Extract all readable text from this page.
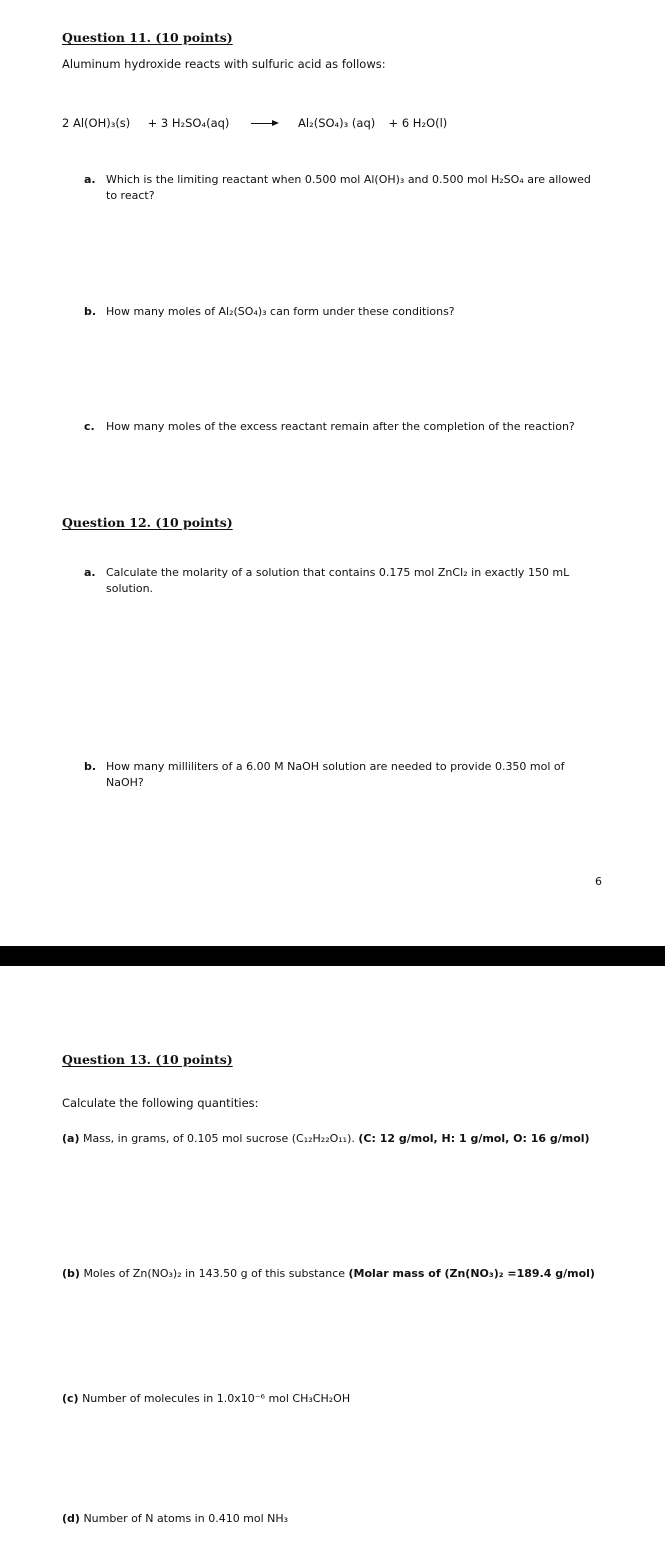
Question 11. (10 points)
Aluminum hydroxide reacts with sulfuric acid as follows:
2 Al(OH)₃(s) + 3 H₂SO₄(aq)	Al₂(SO₄)₃ (aq) + 6 H₂O(l)
a. Which is the limiting reactant when 0.500 mol Al(OH)₃ and 0.500 mol H₂SO₄ are allowed
to react?
b. How many moles of Al₂(SO₄)₃ can form under these conditions?
c. How many moles of the excess reactant remain after the completion of the reaction?
Question 12. (10 points)
a. Calculate the molarity of a solution that contains 0.175 mol ZnCI₂ in exactly 150 mL
solution.
b. How many milliliters of a 6.00 M NaOH solution are needed to provide 0.350 mol of
NaOH?
6
Question 13. (10 points)
Calculate the following quantities:
(a) Mass, in grams, of 0.105 mol sucrose (C₁₂H₂₂O₁₁). (C: 12 g/mol, H: 1 g/mol, O: 16 g/mol)
(b) Moles of Zn(NO₃)₂ in 143.50 g of this substance (Molar mass of (Zn(NO₃)₂ =189.4 g/mol)
(c) Number of molecules in 1.0x10⁻⁶ mol CH₃CH₂OH
(d) Number of N atoms in 0.410 mol NH₃
